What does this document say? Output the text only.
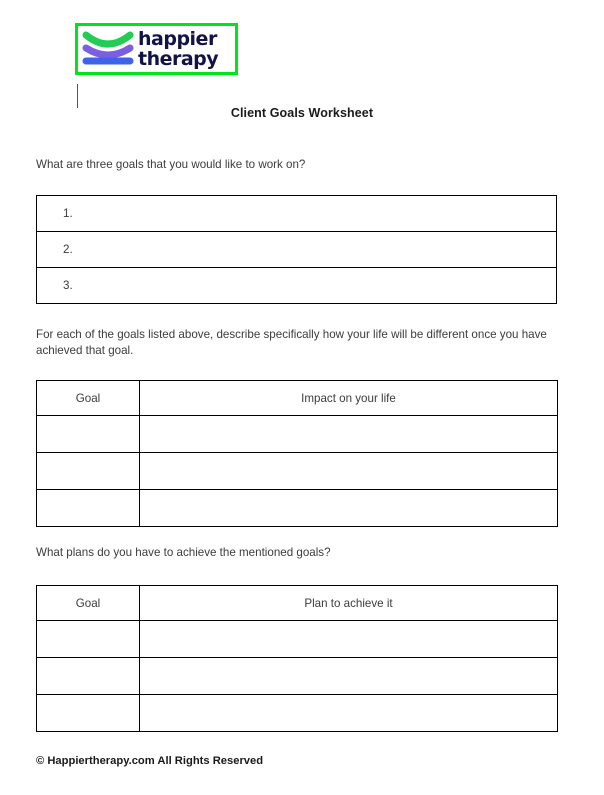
happier
therapy
Client Goals Worksheet
What are three goals that you would like to work on?
1.
2.
3.
For each of the goals listed above, describe specifically how your life will be different once you have achieved that goal.
Goal	Impact on your life

What plans do you have to achieve the mentioned goals?
Goal	Plan to achieve it

© Happiertherapy.com All Rights Reserved
